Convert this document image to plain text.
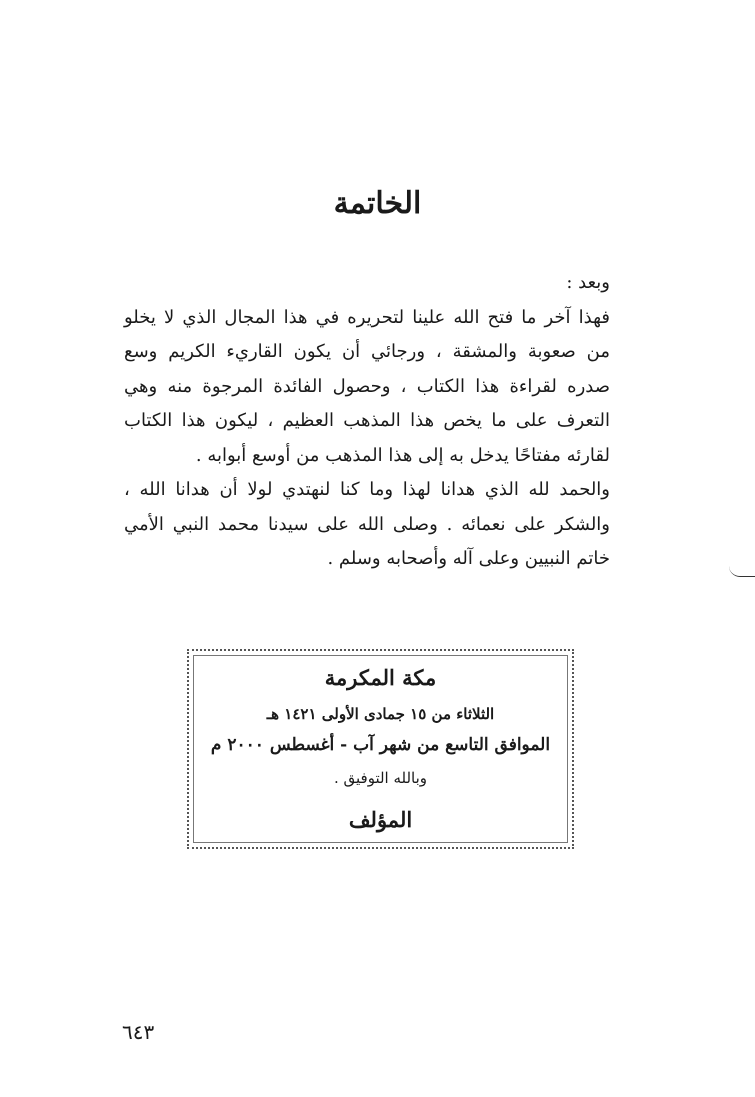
الخاتمة

وبعد :

فهذا آخر ما فتح الله علينا لتحريره في هذا المجال الذي لا يخلو من صعوبة والمشقة ، ورجائي أن يكون القاريء الكريم وسع صدره لقراءة هذا الكتاب ، وحصول الفائدة المرجوة منه وهي التعرف على ما يخص هذا المذهب العظيم ، ليكون هذا الكتاب لقارئه مفتاحًا يدخل به إلى هذا المذهب من أوسع أبوابه .

والحمد لله الذي هدانا لهذا وما كنا لنهتدي لولا أن هدانا الله ، والشكر على نعمائه . وصلى الله على سيدنا محمد النبي الأمي خاتم النبيين وعلى آله وأصحابه وسلم .

مكة المكرمة
الثلاثاء من ١٥ جمادى الأولى ١٤٢١ هـ
الموافق التاسع من شهر آب - أغسطس ٢٠٠٠ م
وبالله التوفيق .
المؤلف
٦٤٣
